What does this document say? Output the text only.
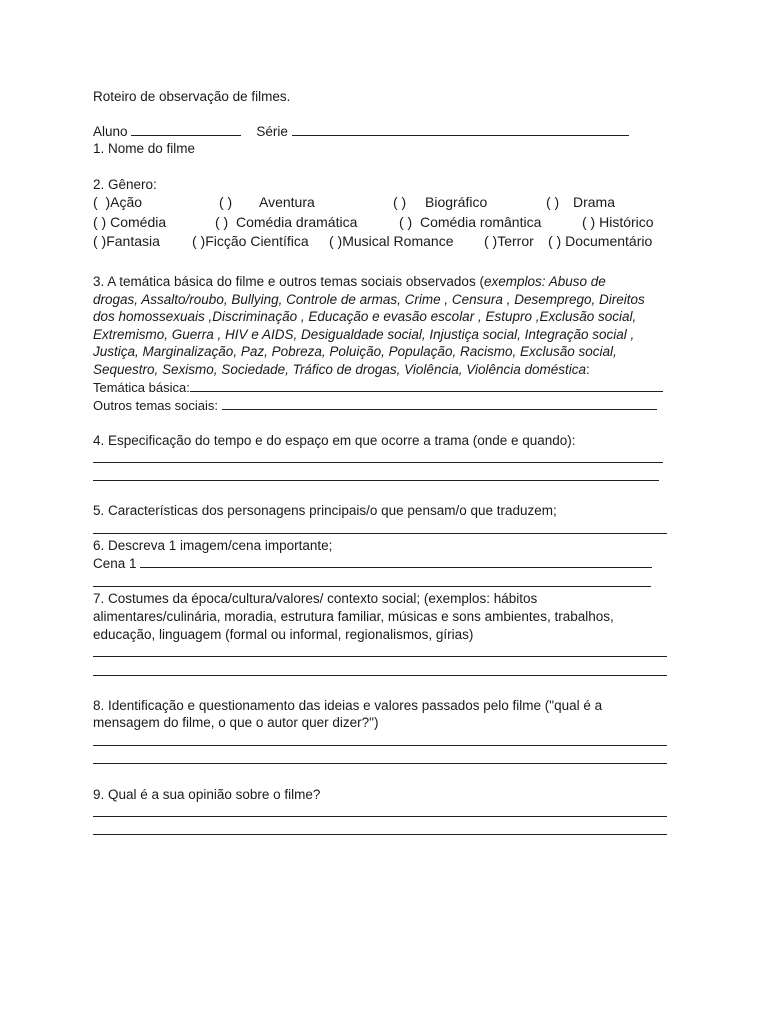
Roteiro de observação de filmes.
Aluno	Série
1. Nome do filme
2. Gênero:
(  )Ação	( ) Aventura	( ) Biográfico	( ) Drama
( ) Comédia	( )  Comédia dramática	( )  Comédia romântica	( ) Histórico
( )Fantasia ( )Ficção Científica ( )Musical Romance ( )Terror ( ) Documentário
3. A temática básica do filme e outros temas sociais observados (exemplos: Abuso de
drogas, Assalto/roubo, Bullying, Controle de armas, Crime , Censura , Desemprego, Direitos
dos homossexuais ,Discriminação , Educação e evasão escolar , Estupro ,Exclusão social,
Extremismo, Guerra , HIV e AIDS, Desigualdade social, Injustiça social, Integração social ,
Justiça, Marginalização, Paz, Pobreza, Poluição, População, Racismo, Exclusão social,
Sequestro, Sexismo, Sociedade, Tráfico de drogas, Violência, Violência doméstica:
Temática básica:
Outros temas sociais:
4. Especificação do tempo e do espaço em que ocorre a trama (onde e quando):
5. Características dos personagens principais/o que pensam/o que traduzem;
6. Descreva 1 imagem/cena importante;
Cena 1
7. Costumes da época/cultura/valores/ contexto social; (exemplos: hábitos
alimentares/culinária, moradia, estrutura familiar, músicas e sons ambientes, trabalhos,
educação, linguagem (formal ou informal, regionalismos, gírias)
8. Identificação e questionamento das ideias e valores passados pelo filme ("qual é a
mensagem do filme, o que o autor quer dizer?")
9. Qual é a sua opinião sobre o filme?
